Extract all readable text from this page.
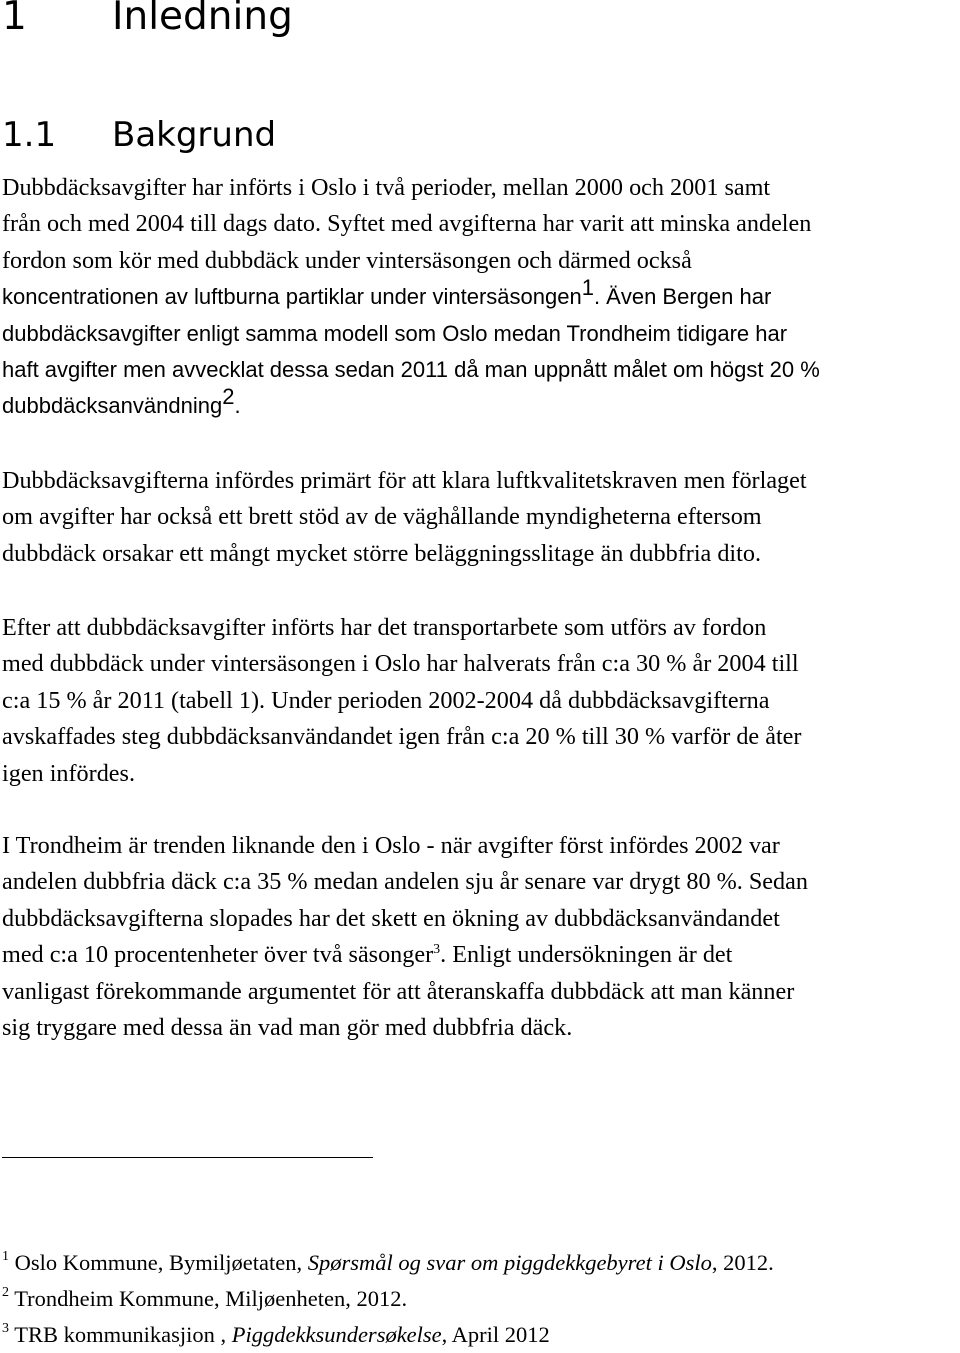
1 Inledning
1.1 Bakgrund
Dubbdäcksavgifter har införts i Oslo i två perioder, mellan 2000 och 2001 samt
från och med 2004 till dags dato. Syftet med avgifterna har varit att minska andelen
fordon som kör med dubbdäck under vintersäsongen och därmed också
koncentrationen av luftburna partiklar under vintersäsongen$^1$. Även Bergen har
dubbdäcksavgifter enligt samma modell som Oslo medan Trondheim tidigare har
haft avgifter men avvecklat dessa sedan 2011 då man uppnått målet om högst 20 %
dubbdäcksanvändning$^2$.
Dubbdäcksavgifterna infördes primärt för att klara luftkvalitetskraven men förlaget
om avgifter har också ett brett stöd av de väghållande myndigheterna eftersom
dubbdäck orsakar ett mångt mycket större beläggningsslitage än dubbfria dito.
Efter att dubbdäcksavgifter införts har det transportarbete som utförs av fordon
med dubbdäck under vintersäsongen i Oslo har halverats från c:a 30 % år 2004 till
c:a 15 % år 2011 (tabell 1). Under perioden 2002-2004 då dubbdäcksavgifterna
avskaffades steg dubbdäcksanvändandet igen från c:a 20 % till 30 % varför de åter
igen infördes.
I Trondheim är trenden liknande den i Oslo - när avgifter först infördes 2002 var
andelen dubbfria däck c:a 35 % medan andelen sju år senare var drygt 80 %. Sedan
dubbdäcksavgifterna slopades har det skett en ökning av dubbdäcksanvändandet
med c:a 10 procentenheter över två säsonger$^3$. Enligt undersökningen är det
vanligast förekommande argumentet för att återanskaffa dubbdäck att man känner
sig tryggare med dessa än vad man gör med dubbfria däck.
$^1$ Oslo Kommune, Bymiljøetaten, Spørsmål og svar om piggdekkgebyret i Oslo, 2012.
$^2$ Trondheim Kommune, Miljøenheten, 2012.
$^3$ TRB kommunikasjion , Piggdekksundersøkelse, April 2012
